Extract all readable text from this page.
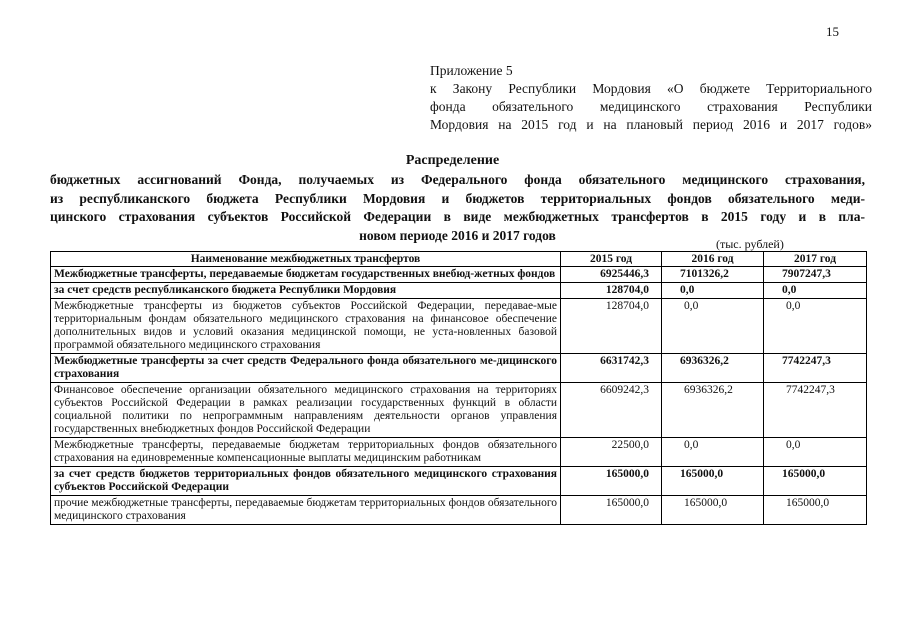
15
Приложение 5
к Закону Республики Мордовия «О бюджете Территориального
фонда обязательного медицинского страхования Республики
Мордовия на 2015 год и на плановый период 2016 и 2017 годов»
Распределение
бюджетных ассигнований Фонда, получаемых из Федерального фонда обязательного медицинского страхования,
из республиканского бюджета Республики Мордовия и бюджетов территориальных фондов обязательного меди-
цинского страхования субъектов Российской Федерации в виде межбюджетных трансфертов в 2015 году и в пла-
новом периоде 2016 и 2017 годов
(тыс. рублей)
Наименование межбюджетных трансфертов	2015 год	2016 год	2017 год
Межбюджетные трансферты, передаваемые бюджетам государственных внебюд-жетных фондов	6925446,3	7101326,2	7907247,3
за счет средств республиканского бюджета Республики Мордовия	128704,0	0,0	0,0
Межбюджетные трансферты из бюджетов субъектов Российской Федерации, передавае-мые территориальным фондам обязательного медицинского страхования на финансовое обеспечение дополнительных видов и условий оказания медицинской помощи, не уста-новленных базовой программой обязательного медицинского страхования	128704,0	0,0	0,0
Межбюджетные трансферты за счет средств Федерального фонда обязательного ме-дицинского страхования	6631742,3	6936326,2	7742247,3
Финансовое обеспечение организации обязательного медицинского страхования на территориях субъектов Российской Федерации в рамках реализации государственных функций в области социальной политики по непрограммным направлениям деятельности органов управления государственных внебюджетных фондов Российской Федерации	6609242,3	6936326,2	7742247,3
Межбюджетные трансферты, передаваемые бюджетам территориальных фондов обязательного страхования на единовременные компенсационные выплаты медицинским работникам	22500,0	0,0	0,0
за счет средств бюджетов территориальных фондов обязательного медицинского страхования субъектов Российской Федерации	165000,0	165000,0	165000,0
прочие межбюджетные трансферты, передаваемые бюджетам территориальных фондов обязательного медицинского страхования	165000,0	165000,0	165000,0
